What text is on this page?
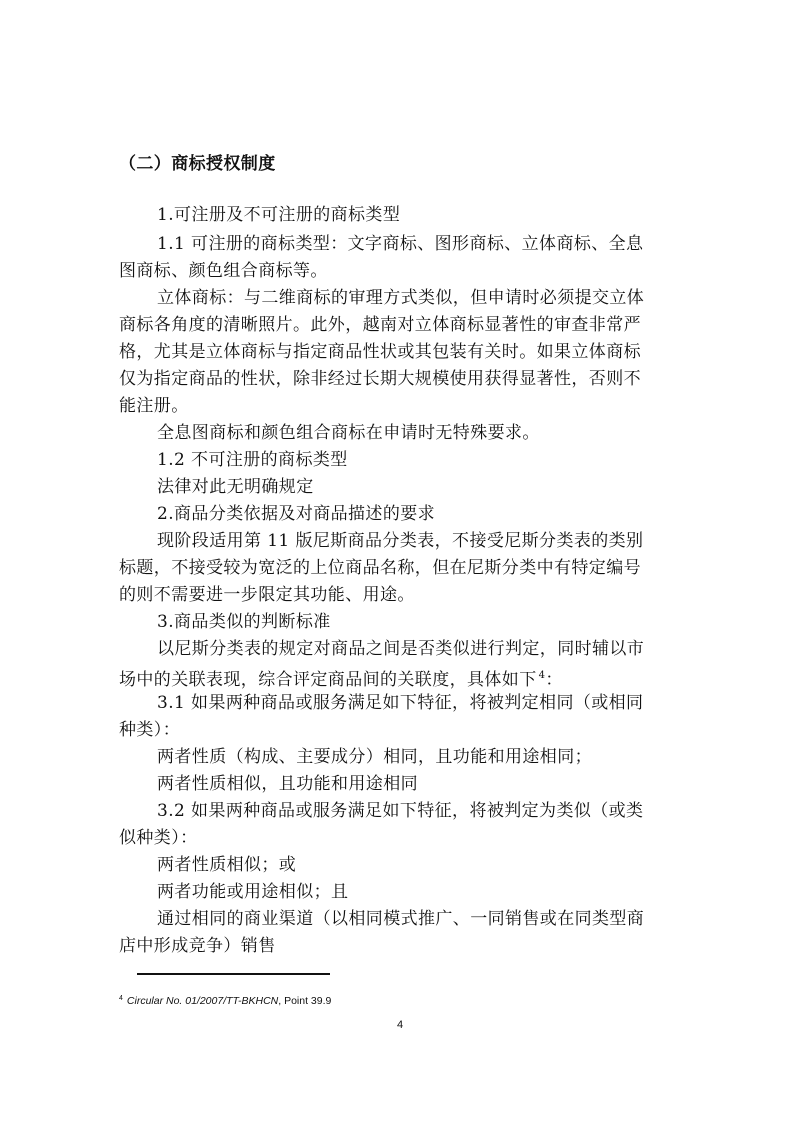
（二）商标授权制度

1.可注册及不可注册的商标类型

1.1 可注册的商标类型：文字商标、图形商标、立体商标、全息

图商标、颜色组合商标等。

立体商标：与二维商标的审理方式类似，但申请时必须提交立体

商标各角度的清晰照片。此外，越南对立体商标显著性的审查非常严

格，尤其是立体商标与指定商品性状或其包装有关时。如果立体商标

仅为指定商品的性状，除非经过长期大规模使用获得显著性，否则不

能注册。

全息图商标和颜色组合商标在申请时无特殊要求。

1.2 不可注册的商标类型

法律对此无明确规定

2.商品分类依据及对商品描述的要求

现阶段适用第 11 版尼斯商品分类表，不接受尼斯分类表的类别

标题，不接受较为宽泛的上位商品名称，但在尼斯分类中有特定编号

的则不需要进一步限定其功能、用途。

3.商品类似的判断标准

以尼斯分类表的规定对商品之间是否类似进行判定，同时辅以市

场中的关联表现，综合评定商品间的关联度，具体如下 $^4$：

3.1 如果两种商品或服务满足如下特征，将被判定相同（或相同

种类）：

两者性质（构成、主要成分）相同，且功能和用途相同；

两者性质相似，且功能和用途相同

3.2 如果两种商品或服务满足如下特征，将被判定为类似（或类

似种类）：

两者性质相似；或

两者功能或用途相似；且

通过相同的商业渠道（以相同模式推广、一同销售或在同类型商

店中形成竞争）销售

$^4$ Circular No. 01/2007/TT-BKHCN, Point 39.9

4
